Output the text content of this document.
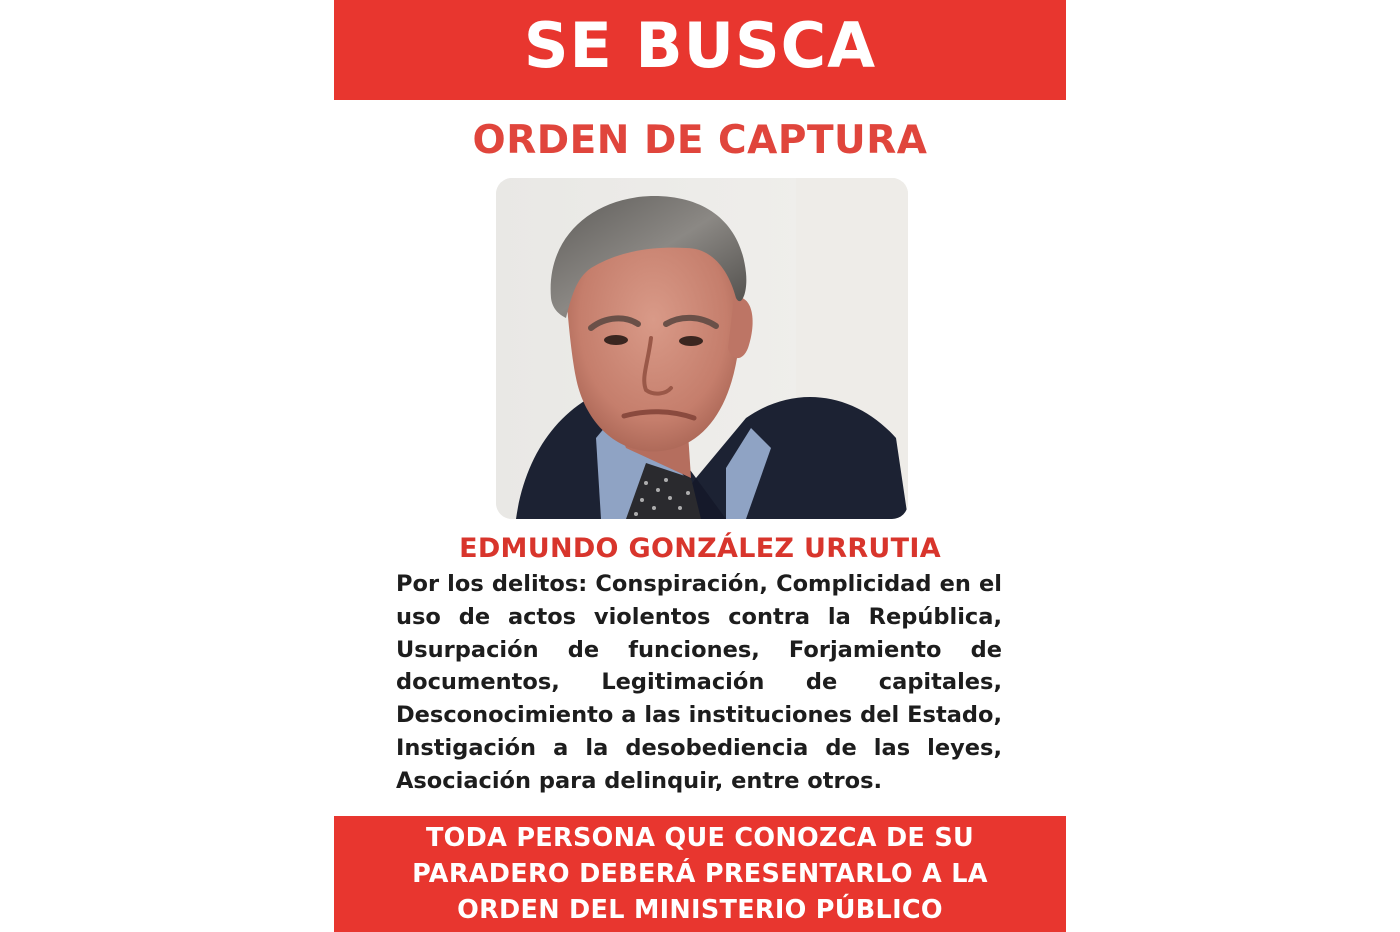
SE BUSCA
ORDEN DE CAPTURA
EDMUNDO GONZÁLEZ URRUTIA
Por los delitos: Conspiración, Complicidad en el uso de actos violentos contra la República, Usurpación de funciones, Forjamiento de documentos, Legitimación de capitales, Desconocimiento a las instituciones del Estado, Instigación a la desobediencia de las leyes, Asociación para delinquir, entre otros.
TODA PERSONA QUE CONOZCA DE SU PARADERO DEBERÁ PRESENTARLO A LA ORDEN DEL MINISTERIO PÚBLICO
